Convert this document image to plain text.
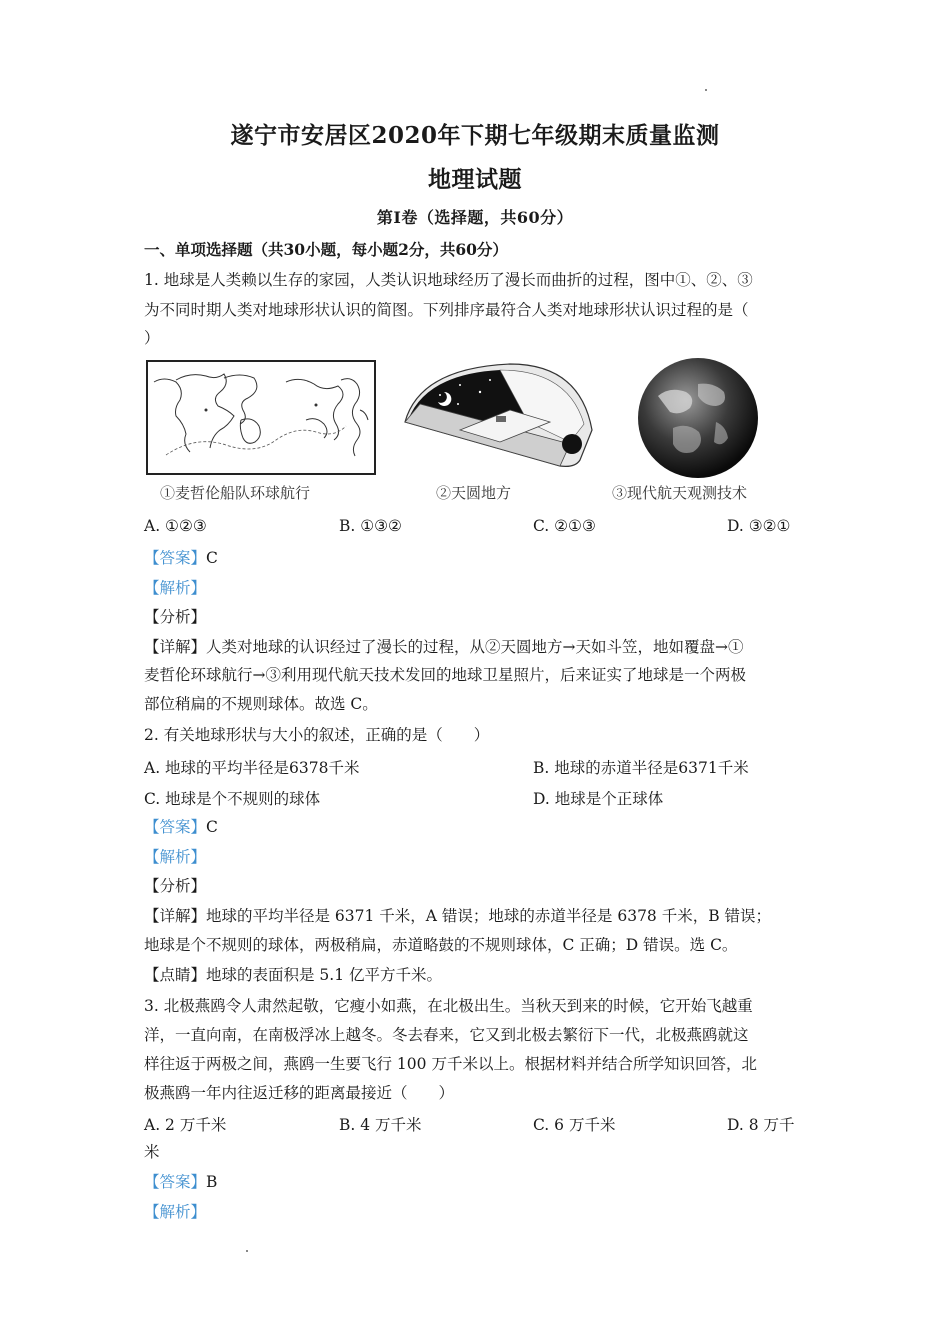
遂宁市安居区2020年下期七年级期末质量监测
地理试题
第Ⅰ卷（选择题，共60分）
一、单项选择题（共30小题，每小题2分，共60分）
1. 地球是人类赖以生存的家园，人类认识地球经历了漫长而曲折的过程，图中①、②、③
为不同时期人类对地球形状认识的简图。下列排序最符合人类对地球形状认识过程的是（
）
①麦哲伦船队环球航行	②天圆地方	③现代航天观测技术
A. ①②③	B. ①③②	C. ②①③	D. ③②①
【答案】C
【解析】
【分析】
【详解】人类对地球的认识经过了漫长的过程，从②天圆地方→天如斗笠，地如覆盘→①
麦哲伦环球航行→③利用现代航天技术发回的地球卫星照片，后来证实了地球是一个两极
部位稍扁的不规则球体。故选 C。
2. 有关地球形状与大小的叙述，正确的是（　　）
A. 地球的平均半径是6378千米	B. 地球的赤道半径是6371千米
C. 地球是个不规则的球体	D. 地球是个正球体
【答案】C
【解析】
【分析】
【详解】地球的平均半径是 6371 千米，A 错误；地球的赤道半径是 6378 千米，B 错误；
地球是个不规则的球体，两极稍扁，赤道略鼓的不规则球体，C 正确；D 错误。选 C。
【点睛】地球的表面积是 5.1 亿平方千米。
3. 北极燕鸥令人肃然起敬，它瘦小如燕，在北极出生。当秋天到来的时候，它开始飞越重
洋，一直向南，在南极浮冰上越冬。冬去春来，它又到北极去繁衍下一代，北极燕鸥就这
样往返于两极之间，燕鸥一生要飞行 100 万千米以上。根据材料并结合所学知识回答，北
极燕鸥一年内往返迁移的距离最接近（　　）
A. 2 万千米	B. 4 万千米	C. 6 万千米	D. 8 万千
米
【答案】B
【解析】
